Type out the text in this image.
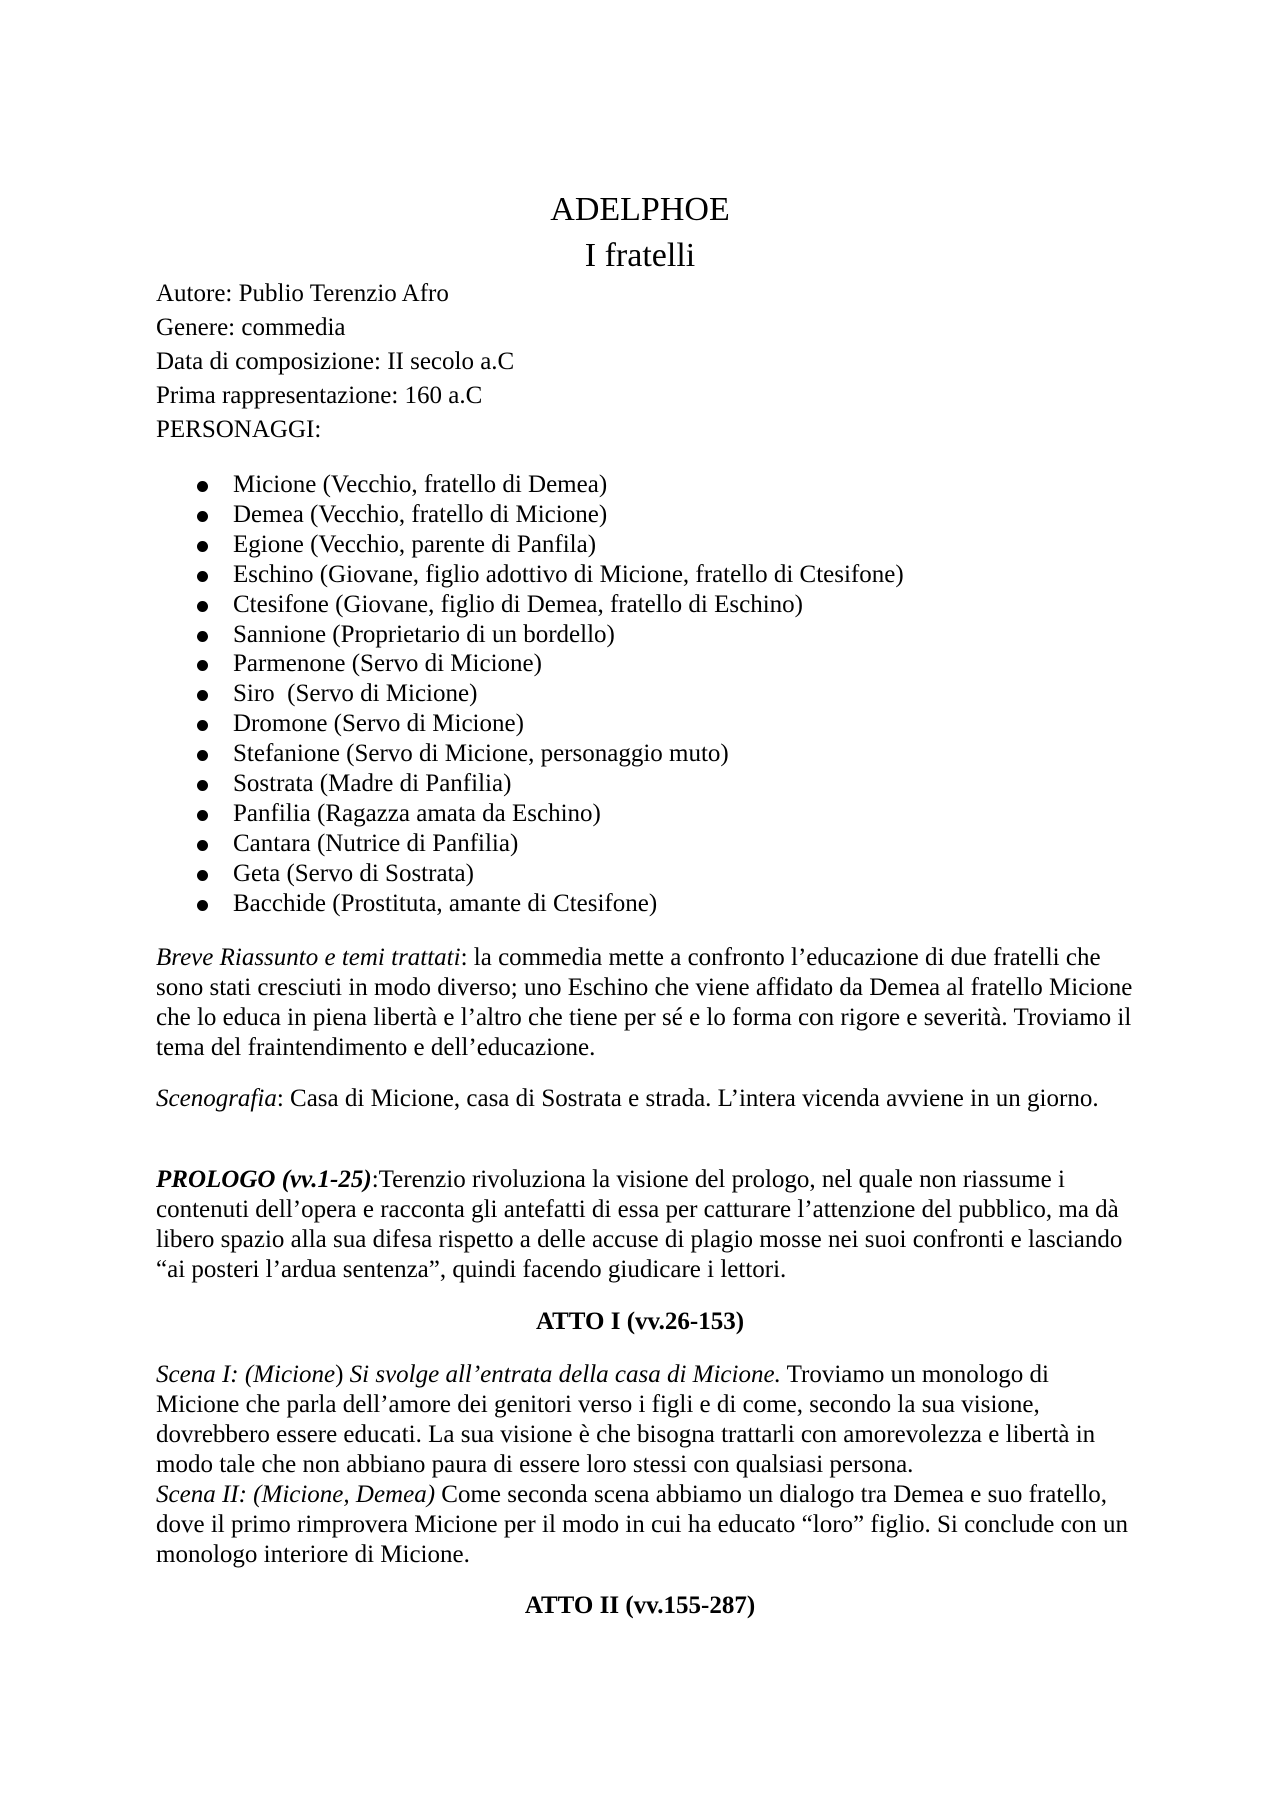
ADELPHOE
I fratelli
Autore: Publio Terenzio Afro
Genere: commedia
Data di composizione: II secolo a.C
Prima rappresentazione: 160 a.C
PERSONAGGI:
Micione (Vecchio, fratello di Demea)
Demea (Vecchio, fratello di Micione)
Egione (Vecchio, parente di Panfila)
Eschino (Giovane, figlio adottivo di Micione, fratello di Ctesifone)
Ctesifone (Giovane, figlio di Demea, fratello di Eschino)
Sannione (Proprietario di un bordello)
Parmenone (Servo di Micione)
Siro  (Servo di Micione)
Dromone (Servo di Micione)
Stefanione (Servo di Micione, personaggio muto)
Sostrata (Madre di Panfilia)
Panfilia (Ragazza amata da Eschino)
Cantara (Nutrice di Panfilia)
Geta (Servo di Sostrata)
Bacchide (Prostituta, amante di Ctesifone)

Breve Riassunto e temi trattati: la commedia mette a confronto l’educazione di due fratelli che sono stati cresciuti in modo diverso; uno Eschino che viene affidato da Demea al fratello Micione che lo educa in piena libertà e l’altro che tiene per sé e lo forma con rigore e severità. Troviamo il tema del fraintendimento e dell’educazione.

Scenografia: Casa di Micione, casa di Sostrata e strada. L’intera vicenda avviene in un giorno.

PROLOGO (vv.1-25):Terenzio rivoluziona la visione del prologo, nel quale non riassume i contenuti dell’opera e racconta gli antefatti di essa per catturare l’attenzione del pubblico, ma dà libero spazio alla sua difesa rispetto a delle accuse di plagio mosse nei suoi confronti e lasciando “ai posteri l’ardua sentenza”, quindi facendo giudicare i lettori.

ATTO I (vv.26-153)

Scena I: (Micione) Si svolge all’entrata della casa di Micione. Troviamo un monologo di Micione che parla dell’amore dei genitori verso i figli e di come, secondo la sua visione, dovrebbero essere educati. La sua visione è che bisogna trattarli con amorevolezza e libertà in modo tale che non abbiano paura di essere loro stessi con qualsiasi persona.

Scena II: (Micione, Demea) Come seconda scena abbiamo un dialogo tra Demea e suo fratello, dove il primo rimprovera Micione per il modo in cui ha educato “loro” figlio. Si conclude con un monologo interiore di Micione.

ATTO II (vv.155-287)
